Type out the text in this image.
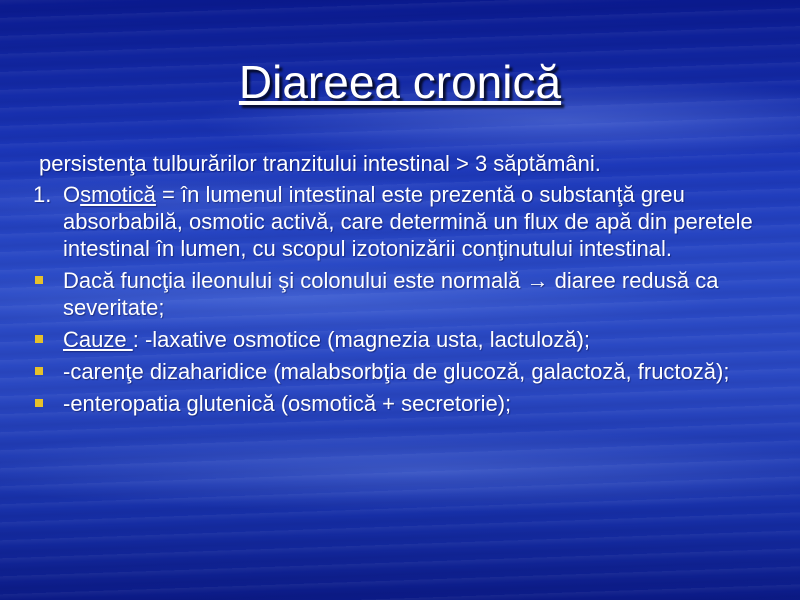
Diareea cronică
persistenţa tulburărilor tranzitului intestinal > 3 săptămâni.
1. Osmotică = în lumenul intestinal este prezentă o substanţă greu absorbabilă, osmotic activă, care determină un flux de apă din peretele intestinal în lumen, cu scopul izotonizării conţinutului intestinal.
Dacă funcţia ileonului şi colonului este normală → diaree redusă ca severitate;
Cauze : -laxative osmotice (magnezia usta, lactuloză);
-carenţe dizaharidice (malabsorbţia de glucoză, galactoză, fructoză);
-enteropatia glutenică (osmotică + secretorie);
